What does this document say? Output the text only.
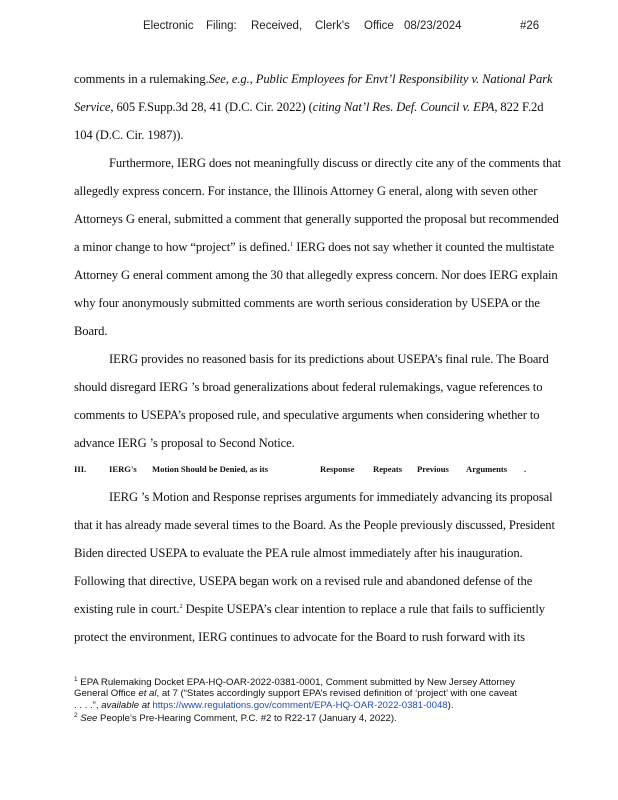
Electronic Filing: Received, Clerk's Office 08/23/2024	#26
comments in a rulemaking.See, e.g., Public Employees for Envt’l Responsibility v. National Park
Service, 605 F.Supp.3d 28, 41 (D.C. Cir. 2022) (citing Nat’l Res. Def. Council v. EPA, 822 F.2d
104 (D.C. Cir. 1987)).
Furthermore, IERG does not meaningfully discuss or directly cite any of the comments that
allegedly express concern. For instance, the Illinois Attorney G eneral, along with seven other
Attorneys G eneral, submitted a comment that generally supported the proposal but recommended
a minor change to how “project” is defined.$^1$ IERG does not say whether it counted the multistate
Attorney G eneral comment among the 30 that allegedly express concern. Nor does IERG explain
why four anonymously submitted comments are worth serious consideration by USEPA or the
Board.
IERG provides no reasoned basis for its predictions about USEPA’s final rule. The Board
should disregard IERG ’s broad generalizations about federal rulemakings, vague references to
comments to USEPA’s proposed rule, and speculative arguments when considering whether to
advance IERG ’s proposal to Second Notice.
III.	IERG's Motion Should be Denied, as its	Response Repeats Previous Arguments .
IERG ’s Motion and Response reprises arguments for immediately advancing its proposal
that it has already made several times to the Board. As the People previously discussed, President
Biden directed USEPA to evaluate the PEA rule almost immediately after his inauguration.
Following that directive, USEPA began work on a revised rule and abandoned defense of the
existing rule in court.$^2$ Despite USEPA’s clear intention to replace a rule that fails to sufficiently
protect the environment, IERG continues to advocate for the Board to rush forward with its
$^1$ EPA Rulemaking Docket EPA-HQ-OAR-2022-0381-0001, Comment submitted by New Jersey Attorney
General Office et al, at 7 (“States accordingly support EPA’s revised definition of ‘project’ with one caveat
. . . .”, available at https://www.regulations.gov/comment/EPA-HQ-OAR-2022-0381-0048).
$^2$ See People’s Pre-Hearing Comment, P.C. #2 to R22-17 (January 4, 2022).
